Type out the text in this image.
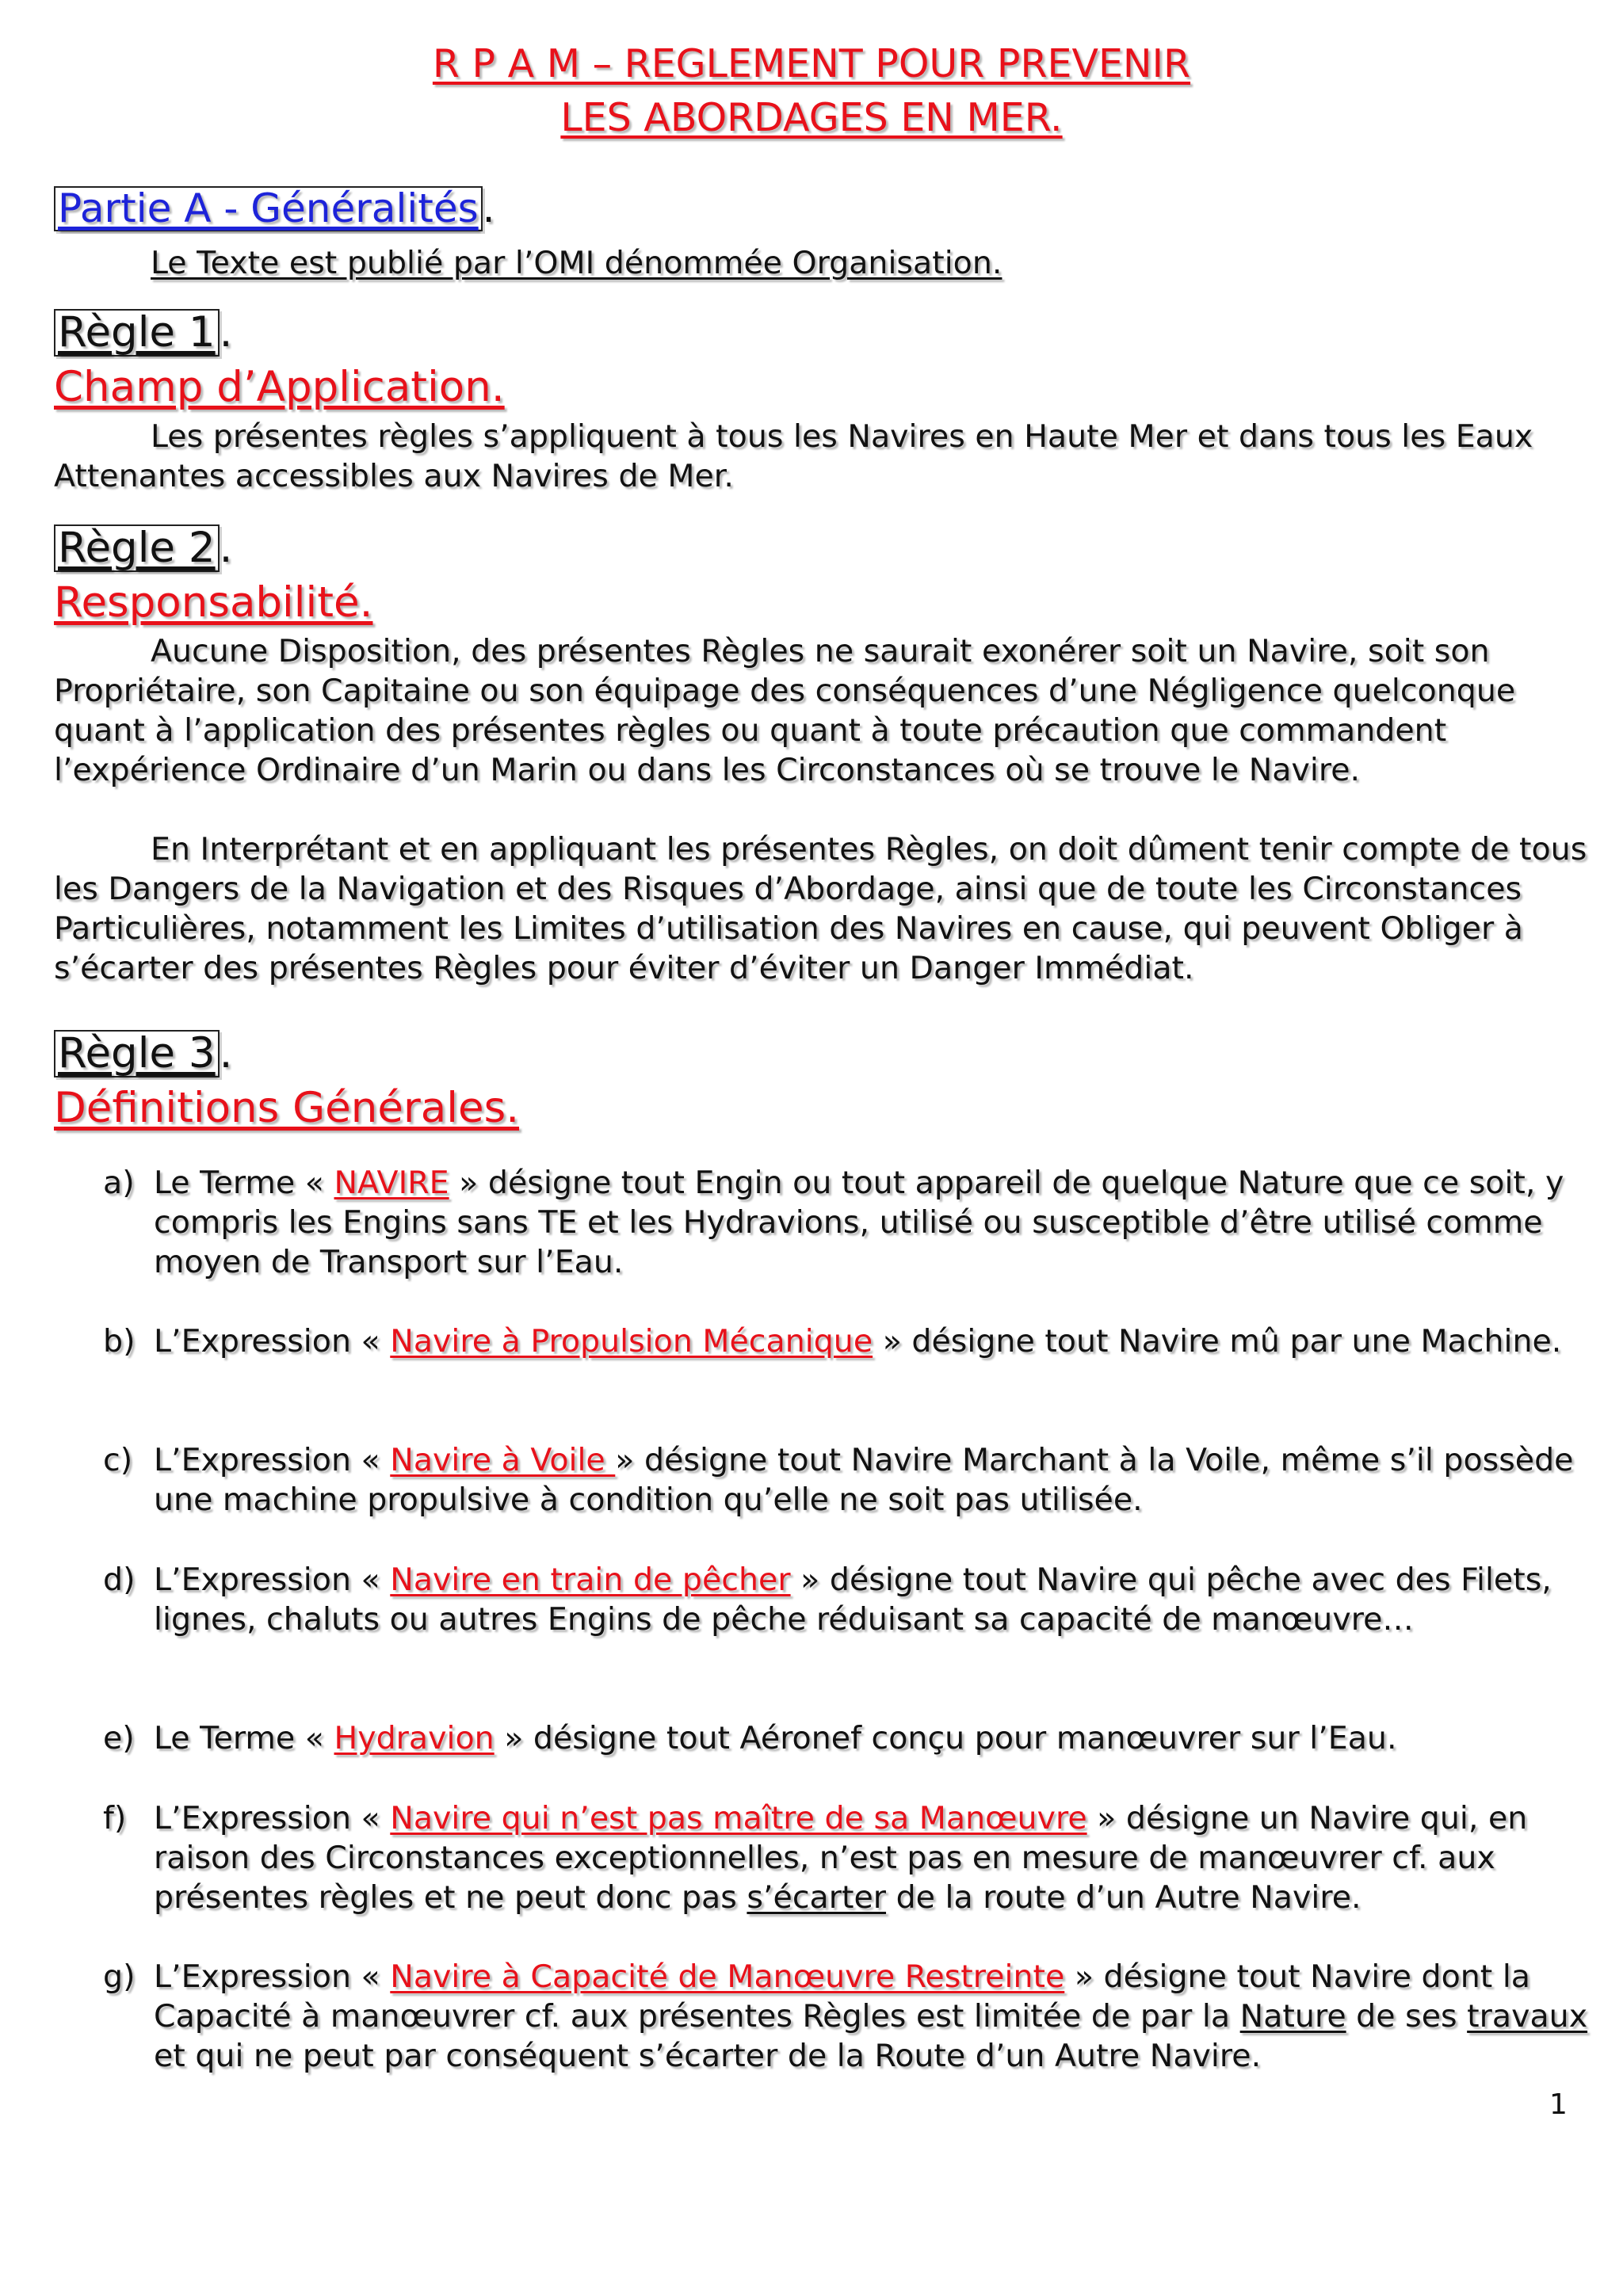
R P A M – REGLEMENT POUR PREVENIR
LES ABORDAGES EN MER.
Partie A - Généralités .
Le Texte est publié par l’OMI dénommée Organisation.
Règle 1.
Champ d’Application.
Les présentes règles s’appliquent à tous les Navires en Haute Mer et dans tous les Eaux Attenantes accessibles aux Navires de Mer.
Règle 2.
Responsabilité.
Aucune Disposition, des présentes Règles ne saurait exonérer soit un Navire, soit son Propriétaire, son Capitaine ou son équipage des conséquences d’une Négligence quelconque quant à l’application des présentes règles ou quant à toute précaution que commandent l’expérience Ordinaire d’un Marin ou dans les Circonstances où se trouve le Navire.
En Interprétant et en appliquant les présentes Règles, on doit dûment tenir compte de tous les Dangers de la Navigation et des Risques d’Abordage, ainsi que de toute les Circonstances Particulières, notamment les Limites d’utilisation des Navires en cause, qui peuvent Obliger à s’écarter des présentes Règles pour éviter d’éviter un Danger Immédiat.
Règle 3.
Définitions Générales.
a) Le Terme « NAVIRE » désigne tout Engin ou tout appareil de quelque Nature que ce soit, y compris les Engins sans TE et les Hydravions, utilisé ou susceptible d’être utilisé comme moyen de Transport sur l’Eau.
b) L’Expression « Navire à Propulsion Mécanique » désigne tout Navire mû par une Machine.
c) L’Expression « Navire à Voile » désigne tout Navire Marchant à la Voile, même s’il possède une machine propulsive à condition qu’elle ne soit pas utilisée.
d) L’Expression « Navire en train de pêcher » désigne tout Navire qui pêche avec des Filets, lignes, chaluts ou autres Engins de pêche réduisant sa capacité de manœuvre…
e) Le Terme « Hydravion » désigne tout Aéronef conçu pour manœuvrer sur l’Eau.
f) L’Expression « Navire qui n’est pas maître de sa Manœuvre » désigne un Navire qui, en raison des Circonstances exceptionnelles, n’est pas en mesure de manœuvrer cf. aux présentes règles et ne peut donc pas s’écarter de la route d’un Autre Navire.
g) L’Expression « Navire à Capacité de Manœuvre Restreinte » désigne tout Navire dont la Capacité à manœuvrer cf. aux présentes Règles est limitée de par la Nature de ses travaux et qui ne peut par conséquent s’écarter de la Route d’un Autre Navire.
1
